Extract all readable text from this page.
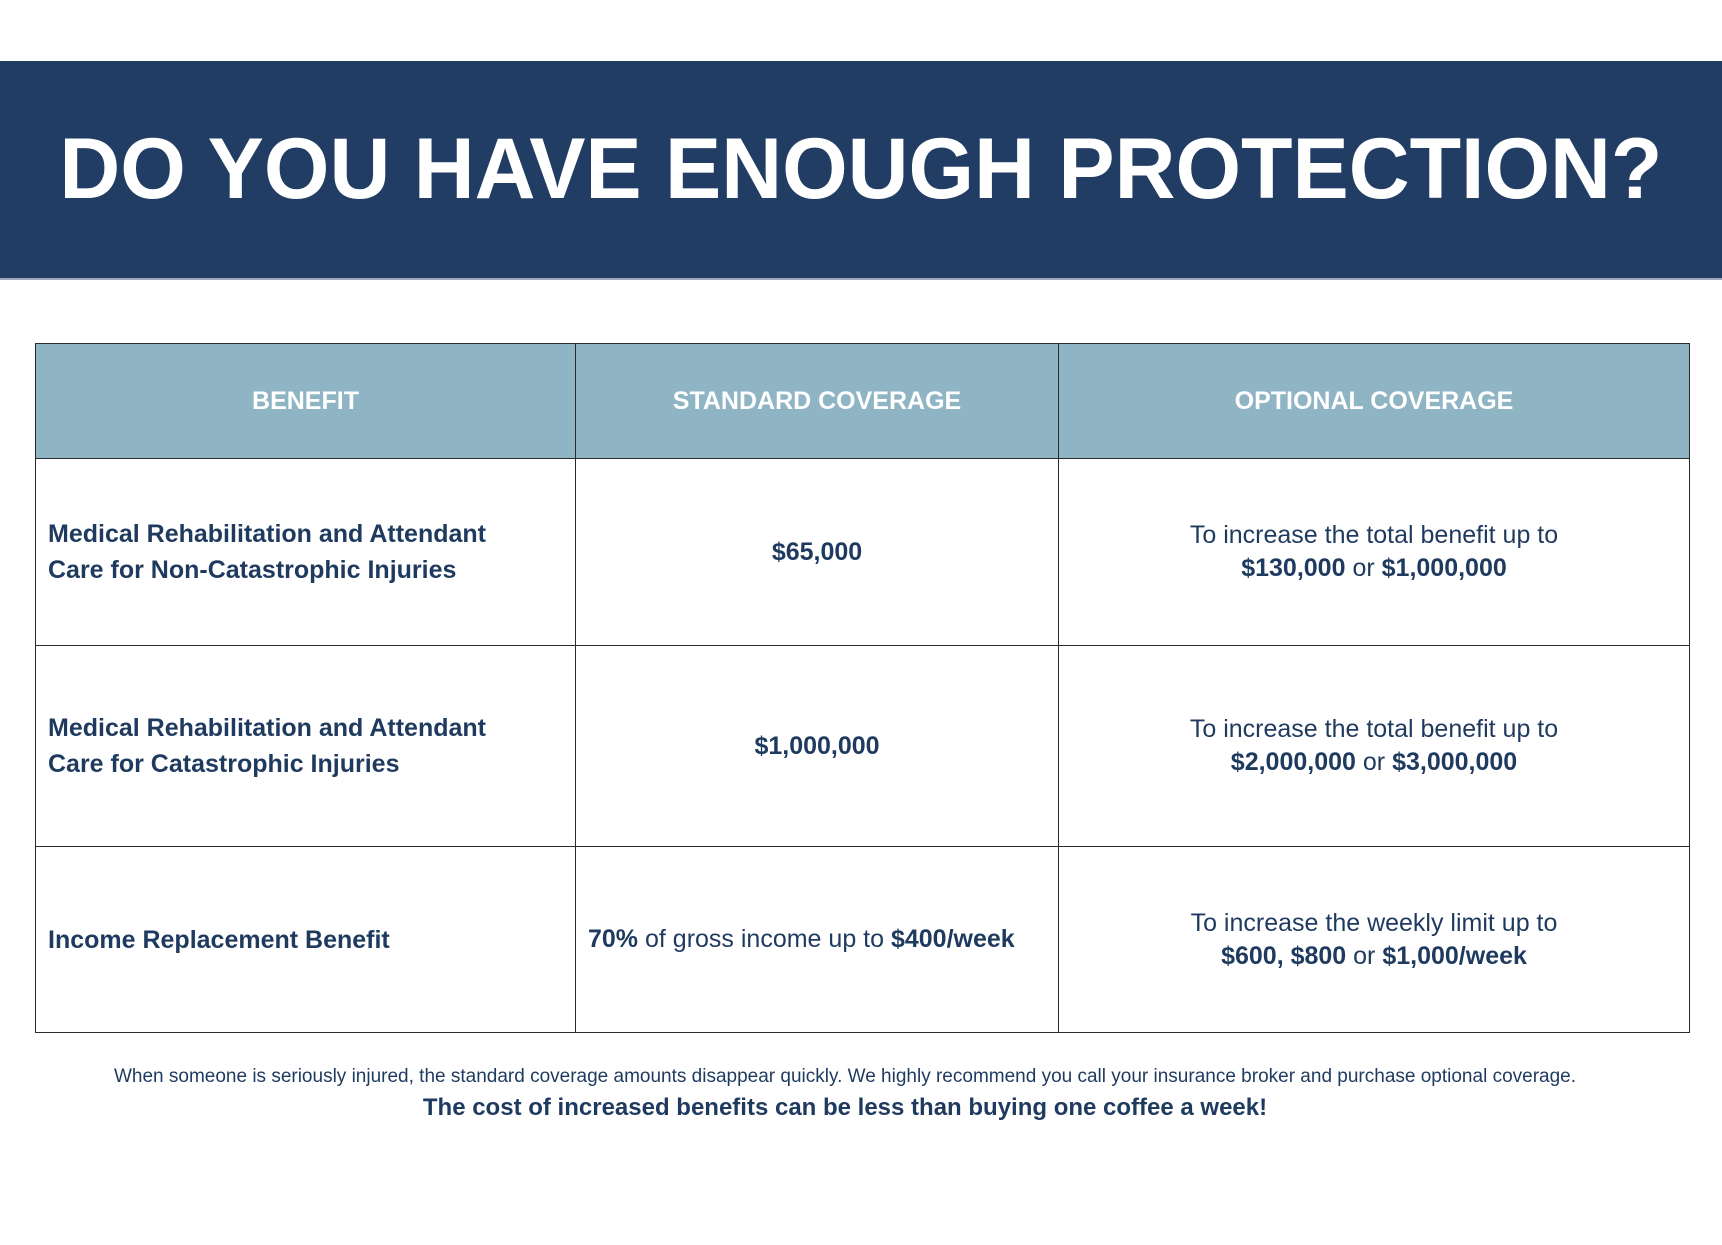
DO YOU HAVE ENOUGH PROTECTION?
BENEFIT	STANDARD COVERAGE	OPTIONAL COVERAGE
Medical Rehabilitation and Attendant
Care for Non-Catastrophic Injuries	$65,000	To increase the total benefit up to
$130,000 or $1,000,000
Medical Rehabilitation and Attendant
Care for Catastrophic Injuries	$1,000,000	To increase the total benefit up to
$2,000,000 or $3,000,000
Income Replacement Benefit	70% of gross income up to $400/week	To increase the weekly limit up to
$600, $800 or $1,000/week
When someone is seriously injured, the standard coverage amounts disappear quickly. We highly recommend you call your insurance broker and purchase optional coverage.
The cost of increased benefits can be less than buying one coffee a week!
